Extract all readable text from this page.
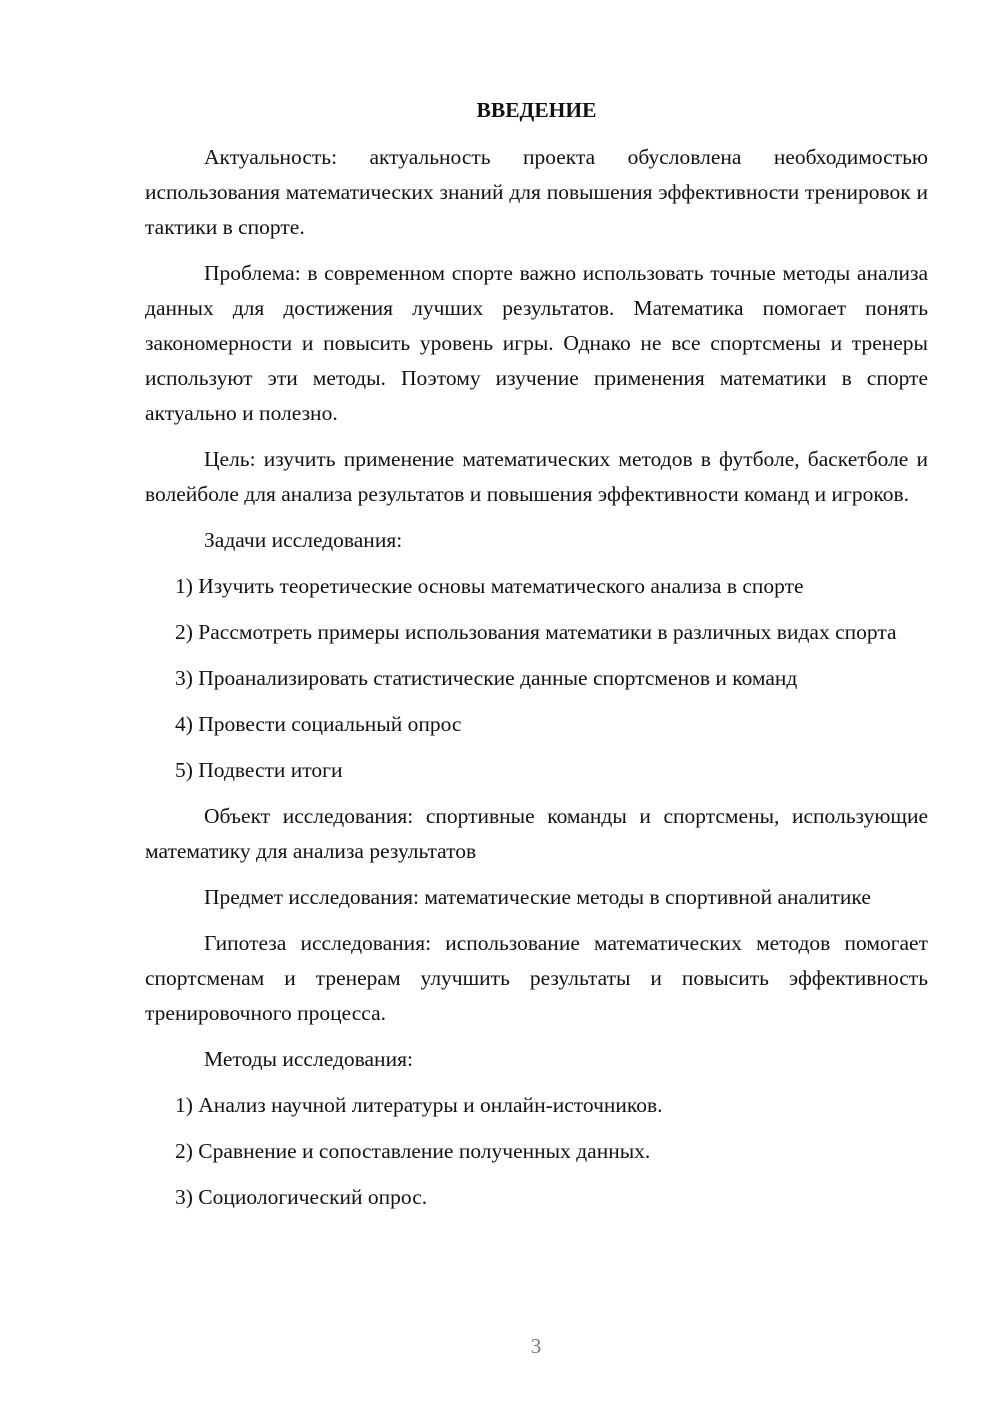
ВВЕДЕНИЕ

Актуальность: актуальность проекта обусловлена необходимостью использования математических знаний для повышения эффективности тренировок и тактики в спорте.

Проблема: в современном спорте важно использовать точные методы анализа данных для достижения лучших результатов. Математика помогает понять закономерности и повысить уровень игры. Однако не все спортсмены и тренеры используют эти методы. Поэтому изучение применения математики в спорте актуально и полезно.

Цель: изучить применение математических методов в футболе, баскетболе и волейболе для анализа результатов и повышения эффективности команд и игроков.

Задачи исследования:

1) Изучить теоретические основы математического анализа в спорте

2) Рассмотреть примеры использования математики в различных видах спорта

3) Проанализировать статистические данные спортсменов и команд

4) Провести социальный опрос

5) Подвести итоги

Объект исследования: спортивные команды и спортсмены, использующие математику для анализа результатов

Предмет исследования: математические методы в спортивной аналитике

Гипотеза исследования: использование математических методов помогает спортсменам и тренерам улучшить результаты и повысить эффективность тренировочного процесса.

Методы исследования:

1) Анализ научной литературы и онлайн-источников.

2) Сравнение и сопоставление полученных данных.

3) Социологический опрос.

3
